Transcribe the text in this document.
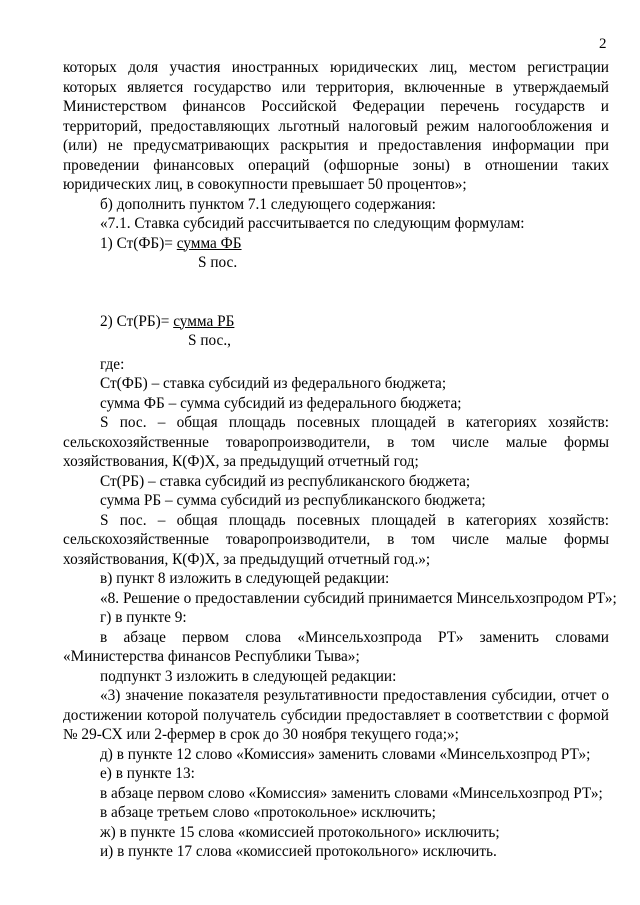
2

которых доля участия иностранных юридических лиц, местом регистрации которых является государство или территория, включенные в утверждаемый Министерством финансов Российской Федерации перечень государств и территорий, предоставляющих льготный налоговый режим налогообложения и (или) не предусматривающих раскрытия и предоставления информации при проведении финансовых операций (офшорные зоны) в отношении таких юридических лиц, в совокупности превышает 50 процентов»;

б) дополнить пунктом 7.1 следующего содержания:

«7.1. Ставка субсидий рассчитывается по следующим формулам:

1) Ст(ФБ)= сумма ФБ

S пос.

2) Ст(РБ)= сумма РБ

S пос.,

где:

Ст(ФБ) – ставка субсидий из федерального бюджета;

сумма ФБ – сумма субсидий из федерального бюджета;

S пос. – общая площадь посевных площадей в категориях хозяйств: сельскохозяйственные товаропроизводители, в том числе малые формы хозяйствования, К(Ф)Х, за предыдущий отчетный год;

Ст(РБ) – ставка субсидий из республиканского бюджета;

сумма РБ – сумма субсидий из республиканского бюджета;

S пос. – общая площадь посевных площадей в категориях хозяйств: сельскохозяйственные товаропроизводители, в том числе малые формы хозяйствования, К(Ф)Х, за предыдущий отчетный год.»;

в) пункт 8 изложить в следующей редакции:

«8. Решение о предоставлении субсидий принимается Минсельхозпродом РТ»;

г) в пункте 9:

в абзаце первом слова «Минсельхозпрода РТ» заменить словами «Министерства финансов Республики Тыва»;

подпункт 3 изложить в следующей редакции:

«3) значение показателя результативности предоставления субсидии, отчет о достижении которой получатель субсидии предоставляет в соответствии с формой № 29-СХ или 2-фермер в срок до 30 ноября текущего года;»;

д) в пункте 12 слово «Комиссия» заменить словами «Минсельхозпрод РТ»;

е) в пункте 13:

в абзаце первом слово «Комиссия» заменить словами «Минсельхозпрод РТ»;

в абзаце третьем слово «протокольное» исключить;

ж) в пункте 15 слова «комиссией протокольного» исключить;

и) в пункте 17 слова «комиссией протокольного» исключить.
